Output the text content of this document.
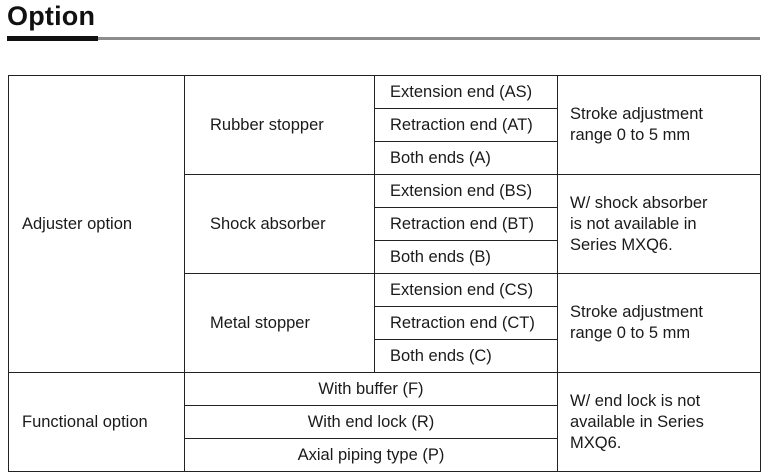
Option
Adjuster option	Rubber stopper	Extension end (AS)	Stroke adjustment
range 0 to 5 mm

		Retraction end (AT)	
		Both ends (A)	
	Shock absorber	Extension end (BS)	W/ shock absorber
is not available in
Series MXQ6.

		Retraction end (BT)	
		Both ends (B)	
	Metal stopper	Extension end (CS)	Stroke adjustment
range 0 to 5 mm

		Retraction end (CT)	
		Both ends (C)	
Functional option	With buffer (F)		W/ end lock is not
available in Series
MXQ6.

	With end lock (R)		
	Axial piping type (P)		
